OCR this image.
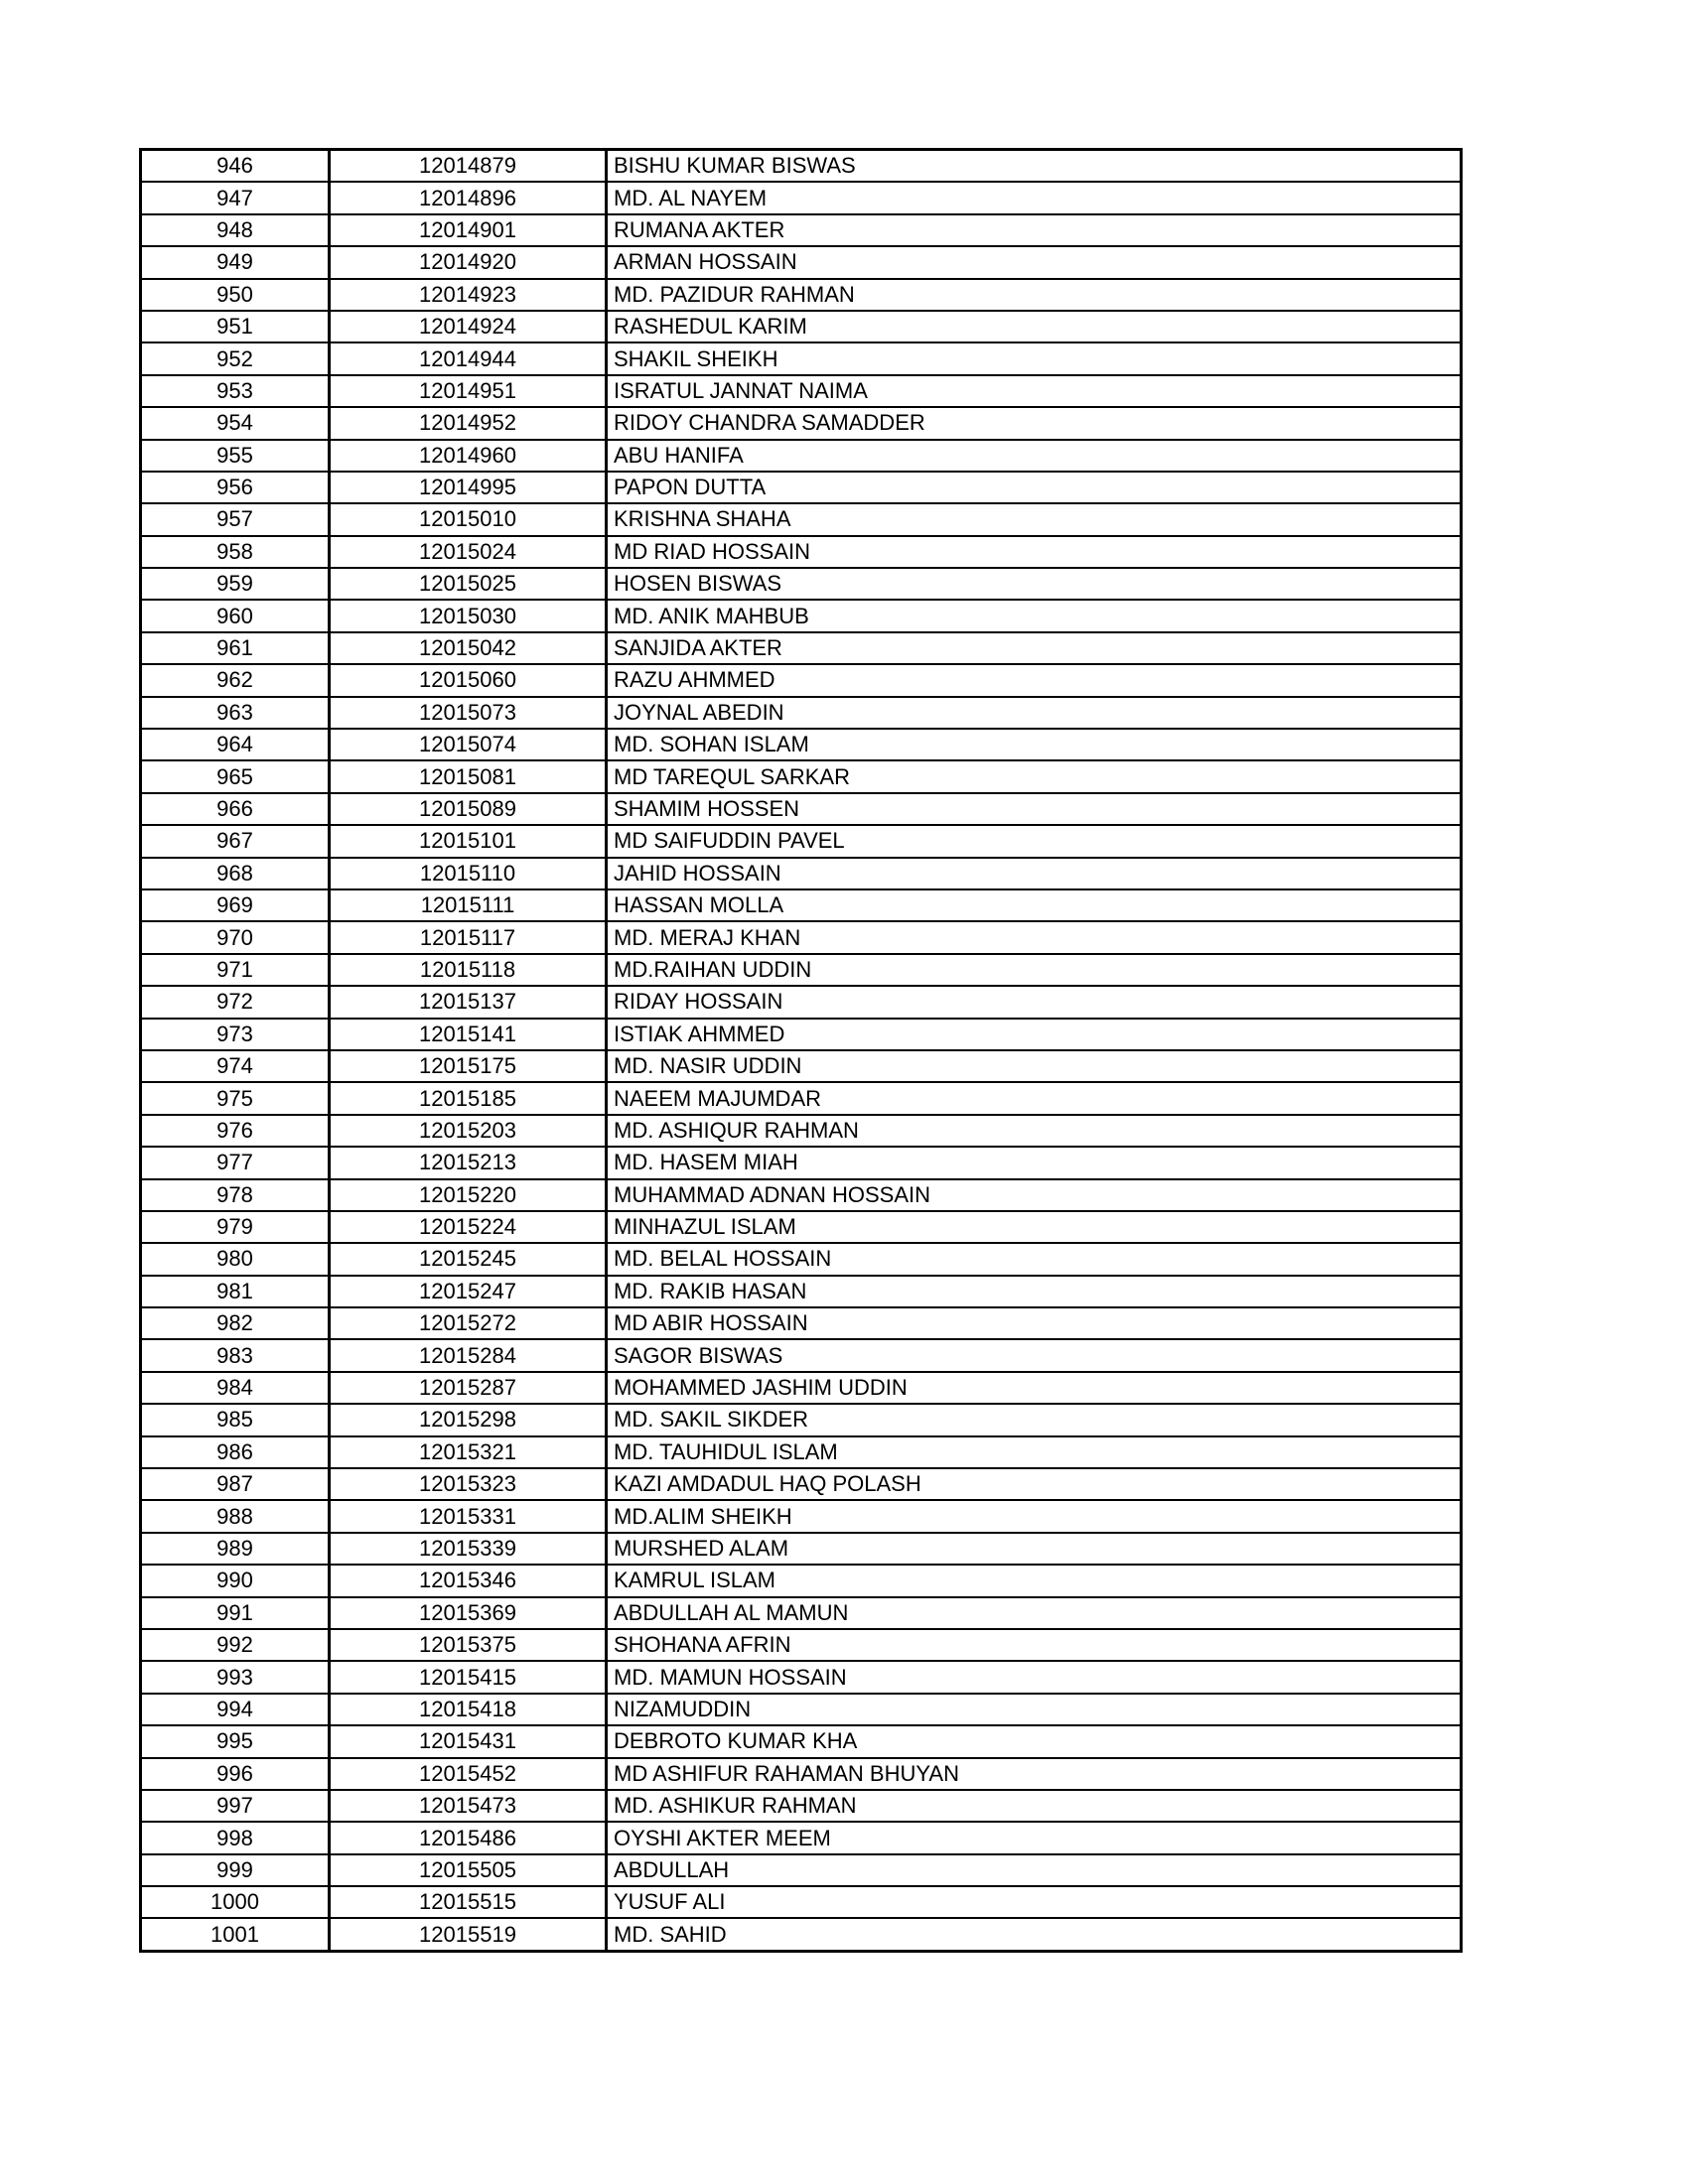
946	12014879	BISHU KUMAR BISWAS
947	12014896	MD. AL NAYEM
948	12014901	RUMANA AKTER
949	12014920	ARMAN HOSSAIN
950	12014923	MD. PAZIDUR RAHMAN
951	12014924	RASHEDUL KARIM
952	12014944	SHAKIL SHEIKH
953	12014951	ISRATUL JANNAT NAIMA
954	12014952	RIDOY CHANDRA SAMADDER
955	12014960	ABU HANIFA
956	12014995	PAPON DUTTA
957	12015010	KRISHNA SHAHA
958	12015024	MD RIAD HOSSAIN
959	12015025	HOSEN BISWAS
960	12015030	MD. ANIK MAHBUB
961	12015042	SANJIDA AKTER
962	12015060	RAZU AHMMED
963	12015073	JOYNAL ABEDIN
964	12015074	MD. SOHAN ISLAM
965	12015081	MD TAREQUL SARKAR
966	12015089	SHAMIM HOSSEN
967	12015101	MD SAIFUDDIN PAVEL
968	12015110	JAHID HOSSAIN
969	12015111	HASSAN MOLLA
970	12015117	MD. MERAJ KHAN
971	12015118	MD.RAIHAN UDDIN
972	12015137	RIDAY HOSSAIN
973	12015141	ISTIAK AHMMED
974	12015175	MD. NASIR UDDIN
975	12015185	NAEEM MAJUMDAR
976	12015203	MD. ASHIQUR RAHMAN
977	12015213	MD. HASEM MIAH
978	12015220	MUHAMMAD ADNAN HOSSAIN
979	12015224	MINHAZUL ISLAM
980	12015245	MD. BELAL HOSSAIN
981	12015247	MD. RAKIB HASAN
982	12015272	MD ABIR HOSSAIN
983	12015284	SAGOR BISWAS
984	12015287	MOHAMMED JASHIM UDDIN
985	12015298	MD. SAKIL SIKDER
986	12015321	MD. TAUHIDUL ISLAM
987	12015323	KAZI AMDADUL HAQ POLASH
988	12015331	MD.ALIM SHEIKH
989	12015339	MURSHED ALAM
990	12015346	KAMRUL ISLAM
991	12015369	ABDULLAH AL MAMUN
992	12015375	SHOHANA AFRIN
993	12015415	MD. MAMUN HOSSAIN
994	12015418	NIZAMUDDIN
995	12015431	DEBROTO KUMAR KHA
996	12015452	MD ASHIFUR RAHAMAN BHUYAN
997	12015473	MD. ASHIKUR RAHMAN
998	12015486	OYSHI AKTER MEEM
999	12015505	ABDULLAH
1000	12015515	YUSUF ALI
1001	12015519	MD. SAHID
